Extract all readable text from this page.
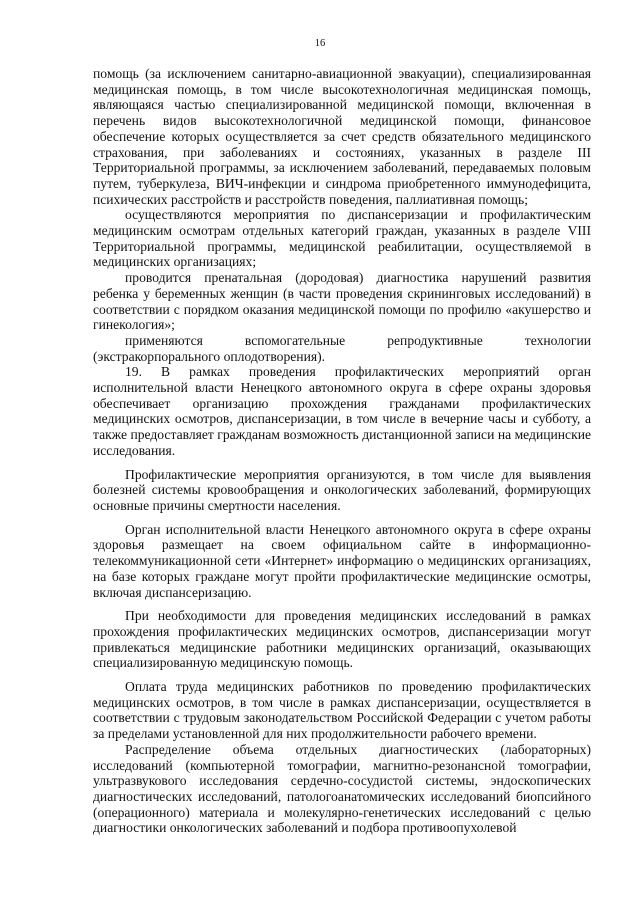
16

помощь (за исключением санитарно-авиационной эвакуации), специализированная медицинская помощь, в том числе высокотехнологичная медицинская помощь, являющаяся частью специализированной медицинской помощи, включенная в перечень видов высокотехнологичной медицинской помощи, финансовое обеспечение которых осуществляется за счет средств обязательного медицинского страхования, при заболеваниях и состояниях, указанных в разделе III Территориальной программы, за исключением заболеваний, передаваемых половым путем, туберкулеза, ВИЧ-инфекции и синдрома приобретенного иммунодефицита, психических расстройств и расстройств поведения, паллиативная помощь;

осуществляются мероприятия по диспансеризации и профилактическим медицинским осмотрам отдельных категорий граждан, указанных в разделе VIII Территориальной программы, медицинской реабилитации, осуществляемой в медицинских организациях;

проводится пренатальная (дородовая) диагностика нарушений развития ребенка у беременных женщин (в части проведения скрининговых исследований) в соответствии с порядком оказания медицинской помощи по профилю «акушерство и гинекология»;

применяются вспомогательные репродуктивные технологии (экстракорпорального оплодотворения).

19. В рамках проведения профилактических мероприятий орган исполнительной власти Ненецкого автономного округа в сфере охраны здоровья обеспечивает организацию прохождения гражданами профилактических медицинских осмотров, диспансеризации, в том числе в вечерние часы и субботу, а также предоставляет гражданам возможность дистанционной записи на медицинские исследования.

Профилактические мероприятия организуются, в том числе для выявления болезней системы кровообращения и онкологических заболеваний, формирующих основные причины смертности населения.

Орган исполнительной власти Ненецкого автономного округа в сфере охраны здоровья размещает на своем официальном сайте в информационно-телекоммуникационной сети «Интернет» информацию о медицинских организациях, на базе которых граждане могут пройти профилактические медицинские осмотры, включая диспансеризацию.

При необходимости для проведения медицинских исследований в рамках прохождения профилактических медицинских осмотров, диспансеризации могут привлекаться медицинские работники медицинских организаций, оказывающих специализированную медицинскую помощь.

Оплата труда медицинских работников по проведению профилактических медицинских осмотров, в том числе в рамках диспансеризации, осуществляется в соответствии с трудовым законодательством Российской Федерации с учетом работы за пределами установленной для них продолжительности рабочего времени.

Распределение объема отдельных диагностических (лабораторных) исследований (компьютерной томографии, магнитно-резонансной томографии, ультразвукового исследования сердечно-сосудистой системы, эндоскопических диагностических исследований, патологоанатомических исследований биопсийного (операционного) материала и молекулярно-генетических исследований с целью диагностики онкологических заболеваний и подбора противоопухолевой
